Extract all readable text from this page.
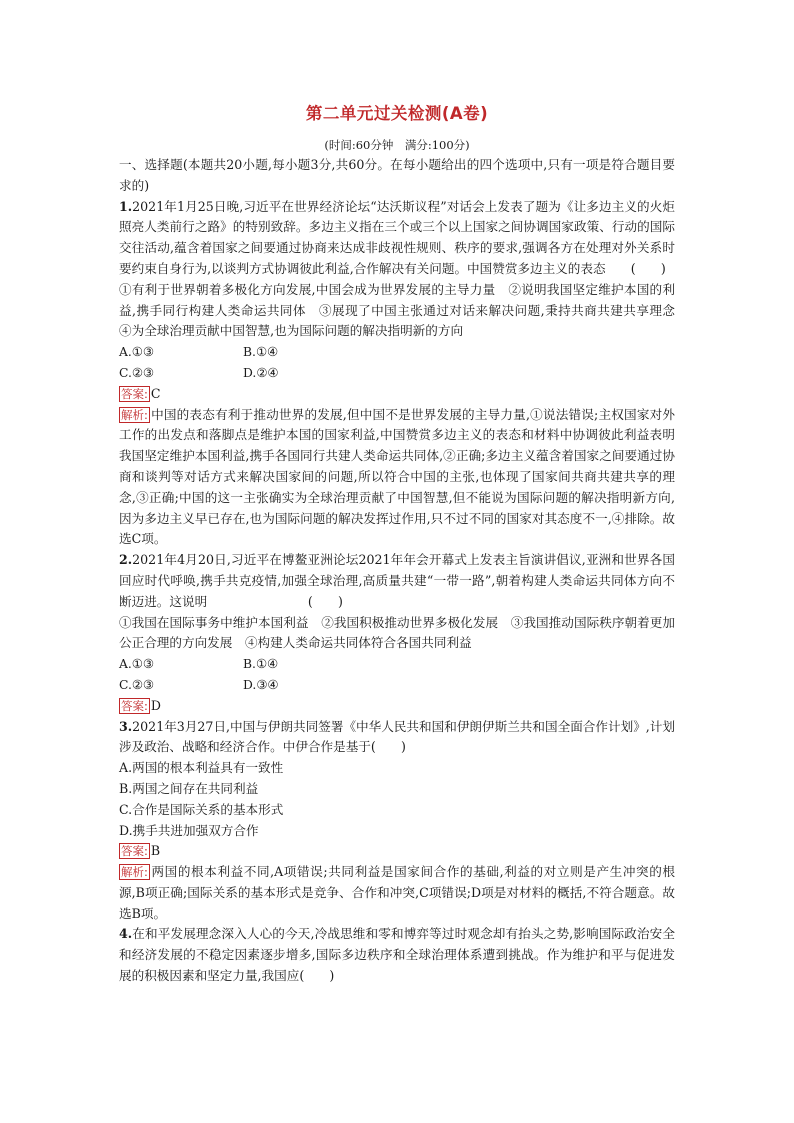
第二单元过关检测(A卷)
(时间:60分钟　满分:100分)

一、选择题(本题共20小题,每小题3分,共60分。在每小题给出的四个选项中,只有一项是符合题目要求的)

1.2021年1月25日晚,习近平在世界经济论坛“达沃斯议程”对话会上发表了题为《让多边主义的火炬照亮人类前行之路》的特别致辞。多边主义指在三个或三个以上国家之间协调国家政策、行动的国际交往活动,蕴含着国家之间要通过协商来达成非歧视性规则、秩序的要求,强调各方在处理对外关系时要约束自身行为,以谈判方式协调彼此利益,合作解决有关问题。中国赞赏多边主义的表态　　(　　)

①有利于世界朝着多极化方向发展,中国会成为世界发展的主导力量　②说明我国坚定维护本国的利益,携手同行构建人类命运共同体　③展现了中国主张通过对话来解决问题,秉持共商共建共享理念　④为全球治理贡献中国智慧,也为国际问题的解决指明新的方向

A.①③	B.①④
C.②③	D.②④

答案: C

解析: 中国的表态有利于推动世界的发展,但中国不是世界发展的主导力量,①说法错误;主权国家对外工作的出发点和落脚点是维护本国的国家利益,中国赞赏多边主义的表态和材料中协调彼此利益表明我国坚定维护本国利益,携手各国同行共建人类命运共同体,②正确;多边主义蕴含着国家之间要通过协商和谈判等对话方式来解决国家间的问题,所以符合中国的主张,也体现了国家间共商共建共享的理念,③正确;中国的这一主张确实为全球治理贡献了中国智慧,但不能说为国际问题的解决指明新方向,因为多边主义早已存在,也为国际问题的解决发挥过作用,只不过不同的国家对其态度不一,④排除。故选C项。

2.2021年4月20日,习近平在博鳌亚洲论坛2021年年会开幕式上发表主旨演讲倡议,亚洲和世界各国回应时代呼唤,携手共克疫情,加强全球治理,高质量共建“一带一路”,朝着构建人类命运共同体方向不断迈进。这说明　　　　　　　　(　　)

①我国在国际事务中维护本国利益　②我国积极推动世界多极化发展　③我国推动国际秩序朝着更加公正合理的方向发展　④构建人类命运共同体符合各国共同利益

A.①③	B.①④
C.②③	D.③④

答案: D

3.2021年3月27日,中国与伊朗共同签署《中华人民共和国和伊朗伊斯兰共和国全面合作计划》,计划涉及政治、战略和经济合作。中伊合作是基于(　　)

A.两国的根本利益具有一致性

B.两国之间存在共同利益

C.合作是国际关系的基本形式

D.携手共进加强双方合作

答案: B

解析: 两国的根本利益不同,A项错误;共同利益是国家间合作的基础,利益的对立则是产生冲突的根源,B项正确;国际关系的基本形式是竞争、合作和冲突,C项错误;D项是对材料的概括,不符合题意。故选B项。

4.在和平发展理念深入人心的今天,冷战思维和零和博弈等过时观念却有抬头之势,影响国际政治安全和经济发展的不稳定因素逐步增多,国际多边秩序和全球治理体系遭到挑战。作为维护和平与促进发展的积极因素和坚定力量,我国应(　　)
